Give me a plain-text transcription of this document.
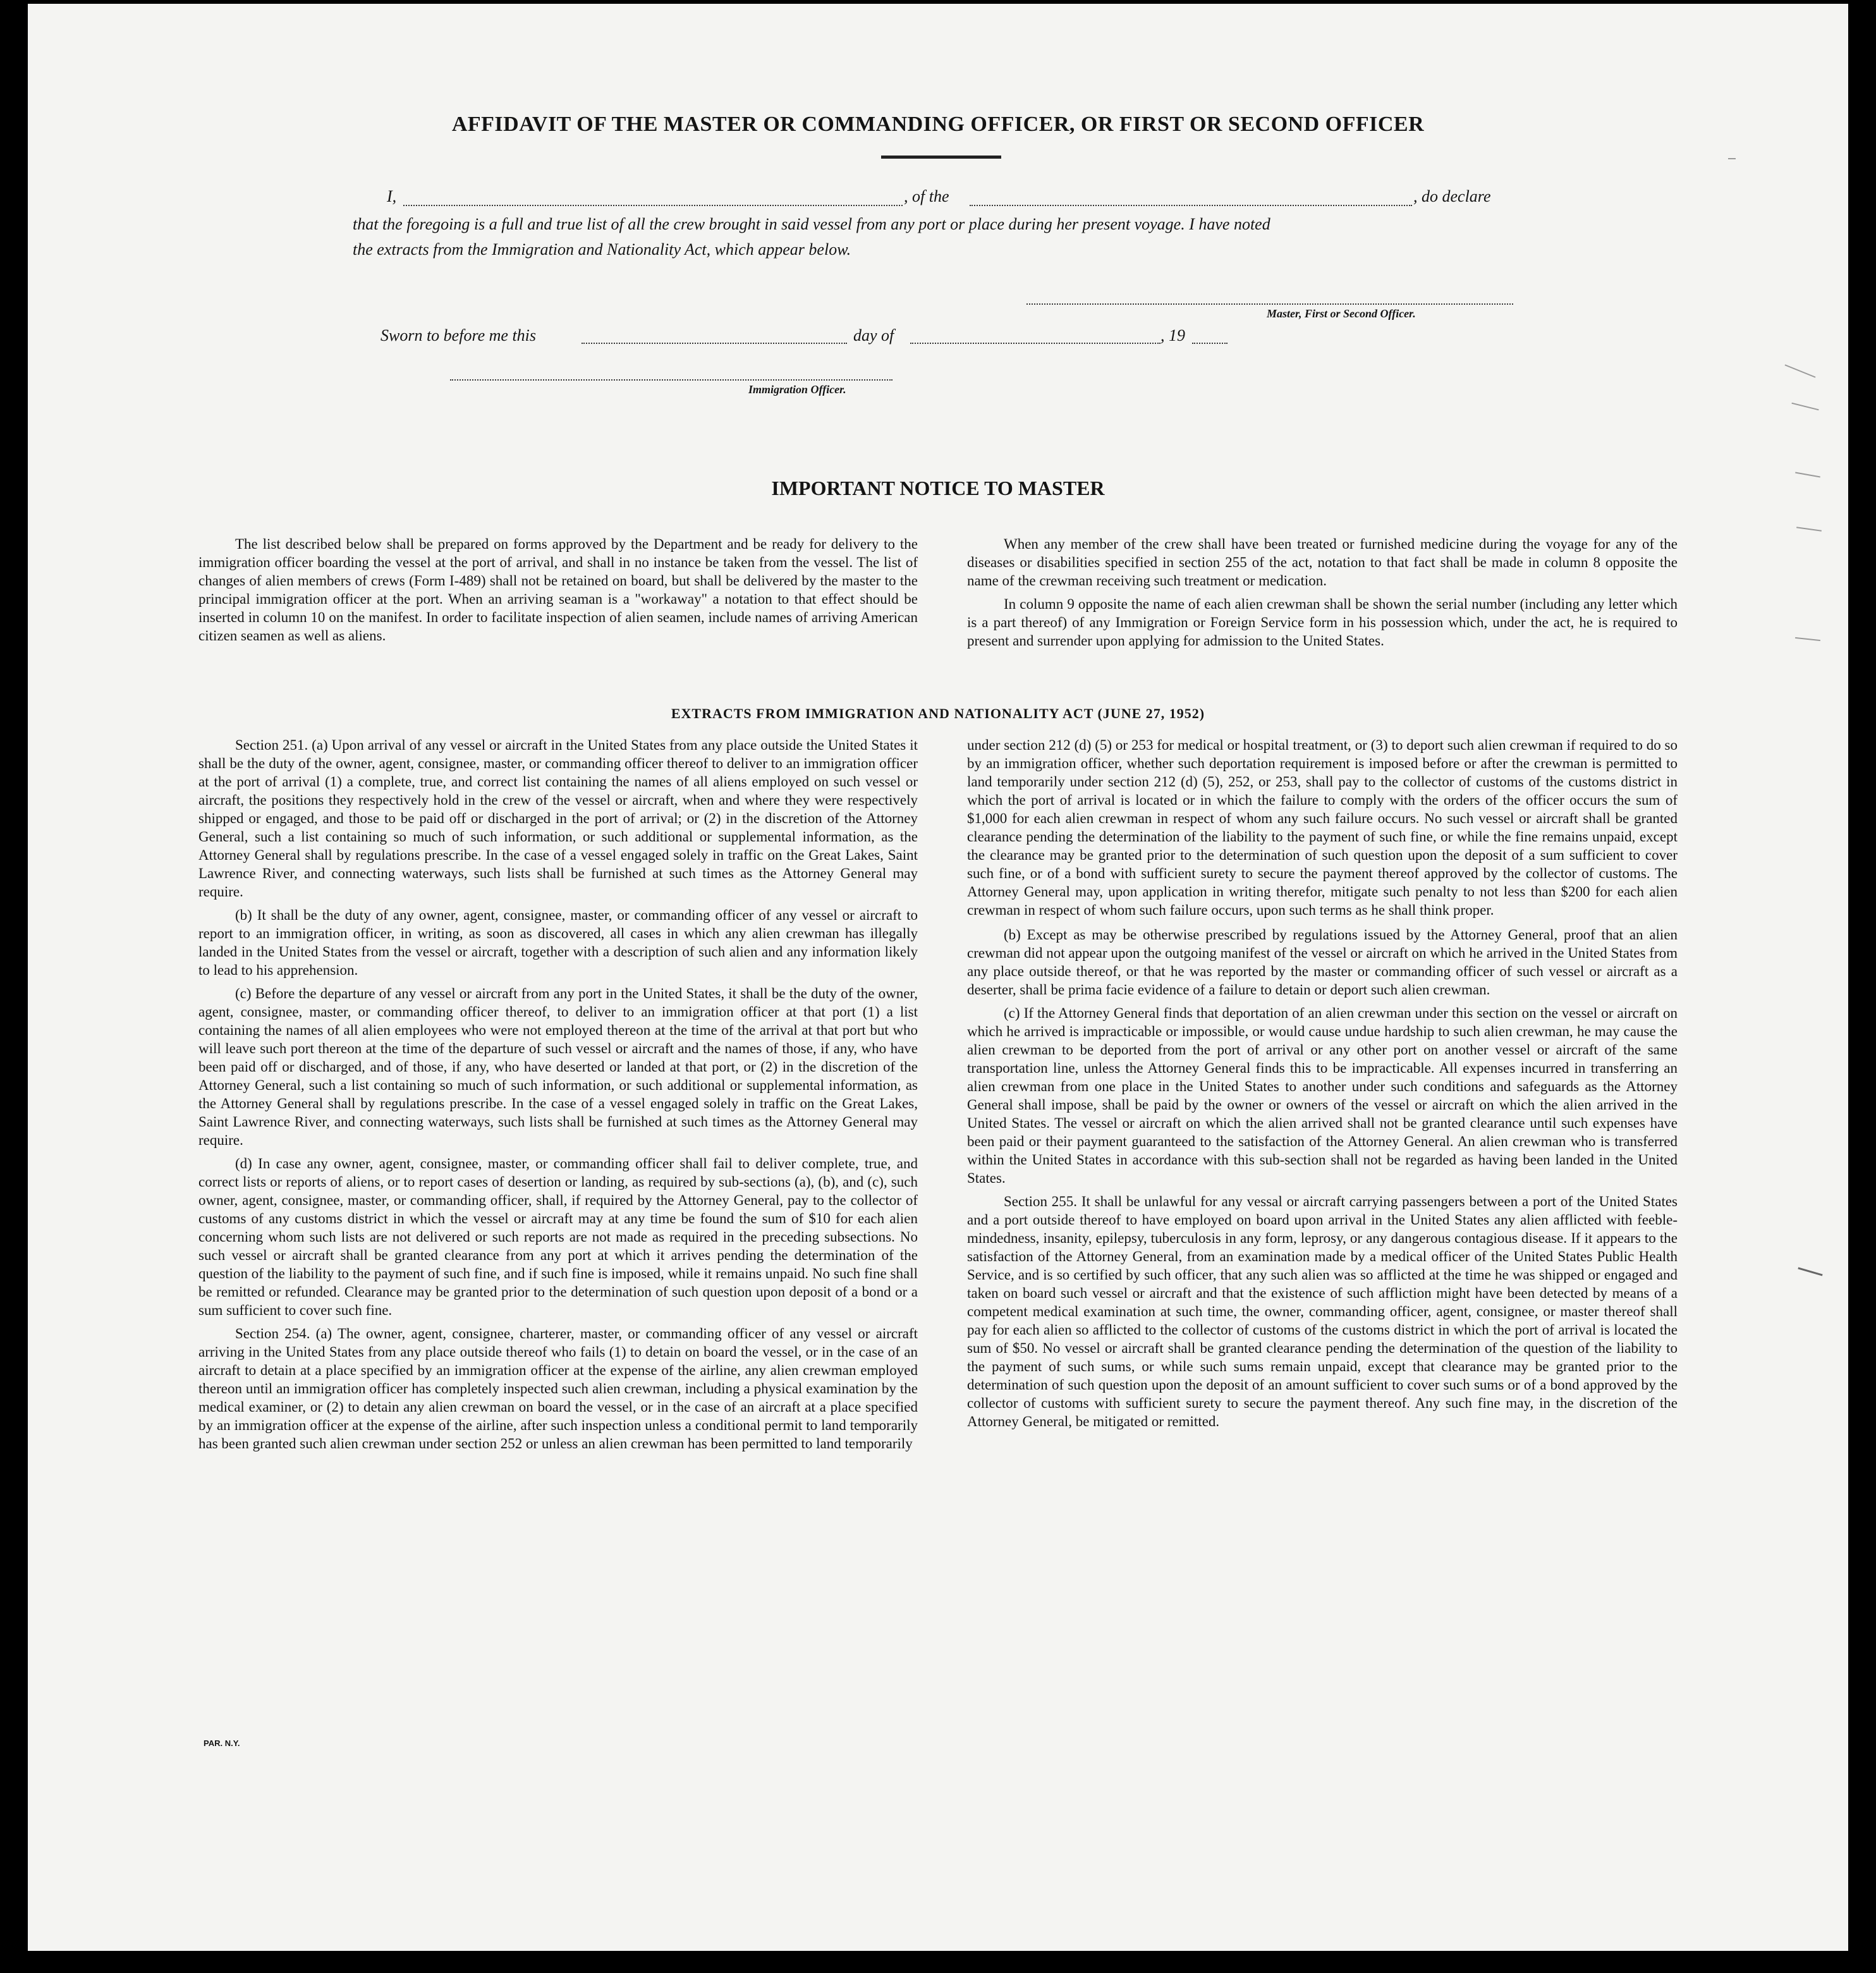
AFFIDAVIT OF THE MASTER OR COMMANDING OFFICER, OR FIRST OR SECOND OFFICER
I,	, of the	, do declare
that the foregoing is a full and true list of all the crew brought in said vessel from any port or place during her present voyage. I have noted
the extracts from the Immigration and Nationality Act, which appear below.
Master, First or Second Officer.
Sworn to before me this	day of	, 19
Immigration Officer.
IMPORTANT NOTICE TO MASTER

The list described below shall be prepared on forms approved by the Department and be ready for delivery to the immigration officer boarding the vessel at the port of arrival, and shall in no instance be taken from the vessel. The list of changes of alien members of crews (Form I-489) shall not be retained on board, but shall be delivered by the master to the principal immigration officer at the port. When an arriving seaman is a "workaway" a notation to that effect should be inserted in column 10 on the manifest. In order to facilitate inspection of alien seamen, include names of arriving American citizen seamen as well as aliens.

When any member of the crew shall have been treated or furnished medicine during the voyage for any of the diseases or disabilities specified in section 255 of the act, notation to that fact shall be made in column 8 opposite the name of the crewman receiving such treatment or medication.

In column 9 opposite the name of each alien crewman shall be shown the serial number (including any letter which is a part thereof) of any Immigration or Foreign Service form in his possession which, under the act, he is required to present and surrender upon applying for admission to the United States.

EXTRACTS FROM IMMIGRATION AND NATIONALITY ACT (JUNE 27, 1952)

Section 251. (a) Upon arrival of any vessel or aircraft in the United States from any place outside the United States it shall be the duty of the owner, agent, consignee, master, or commanding officer thereof to deliver to an immigration officer at the port of arrival (1) a complete, true, and correct list containing the names of all aliens employed on such vessel or aircraft, the positions they respectively hold in the crew of the vessel or aircraft, when and where they were respectively shipped or engaged, and those to be paid off or discharged in the port of arrival; or (2) in the discretion of the Attorney General, such a list containing so much of such information, or such additional or supplemental information, as the Attorney General shall by regulations prescribe. In the case of a vessel engaged solely in traffic on the Great Lakes, Saint Lawrence River, and connecting waterways, such lists shall be furnished at such times as the Attorney General may require.

(b) It shall be the duty of any owner, agent, consignee, master, or commanding officer of any vessel or aircraft to report to an immigration officer, in writing, as soon as discovered, all cases in which any alien crewman has illegally landed in the United States from the vessel or aircraft, together with a description of such alien and any information likely to lead to his apprehension.

(c) Before the departure of any vessel or aircraft from any port in the United States, it shall be the duty of the owner, agent, consignee, master, or commanding officer thereof, to deliver to an immigration officer at that port (1) a list containing the names of all alien employees who were not employed thereon at the time of the arrival at that port but who will leave such port thereon at the time of the departure of such vessel or aircraft and the names of those, if any, who have been paid off or discharged, and of those, if any, who have deserted or landed at that port, or (2) in the discretion of the Attorney General, such a list containing so much of such information, or such additional or supplemental information, as the Attorney General shall by regulations prescribe. In the case of a vessel engaged solely in traffic on the Great Lakes, Saint Lawrence River, and connecting waterways, such lists shall be furnished at such times as the Attorney General may require.

(d) In case any owner, agent, consignee, master, or commanding officer shall fail to deliver complete, true, and correct lists or reports of aliens, or to report cases of desertion or landing, as required by sub-sections (a), (b), and (c), such owner, agent, consignee, master, or commanding officer, shall, if required by the Attorney General, pay to the collector of customs of any customs district in which the vessel or aircraft may at any time be found the sum of $10 for each alien concerning whom such lists are not delivered or such reports are not made as required in the preceding subsections. No such vessel or aircraft shall be granted clearance from any port at which it arrives pending the determination of the question of the liability to the payment of such fine, and if such fine is imposed, while it remains unpaid. No such fine shall be remitted or refunded. Clearance may be granted prior to the determination of such question upon deposit of a bond or a sum sufficient to cover such fine.

Section 254. (a) The owner, agent, consignee, charterer, master, or commanding officer of any vessel or aircraft arriving in the United States from any place outside thereof who fails (1) to detain on board the vessel, or in the case of an aircraft to detain at a place specified by an immigration officer at the expense of the airline, any alien crewman employed thereon until an immigration officer has completely inspected such alien crewman, including a physical examination by the medical examiner, or (2) to detain any alien crewman on board the vessel, or in the case of an aircraft at a place specified by an immigration officer at the expense of the airline, after such inspection unless a conditional permit to land temporarily has been granted such alien crewman under section 252 or unless an alien crewman has been permitted to land temporarily

under section 212 (d) (5) or 253 for medical or hospital treatment, or (3) to deport such alien crewman if required to do so by an immigration officer, whether such deportation requirement is imposed before or after the crewman is permitted to land temporarily under section 212 (d) (5), 252, or 253, shall pay to the collector of customs of the customs district in which the port of arrival is located or in which the failure to comply with the orders of the officer occurs the sum of $1,000 for each alien crewman in respect of whom any such failure occurs. No such vessel or aircraft shall be granted clearance pending the determination of the liability to the payment of such fine, or while the fine remains unpaid, except the clearance may be granted prior to the determination of such question upon the deposit of a sum sufficient to cover such fine, or of a bond with sufficient surety to secure the payment thereof approved by the collector of customs. The Attorney General may, upon application in writing therefor, mitigate such penalty to not less than $200 for each alien crewman in respect of whom such failure occurs, upon such terms as he shall think proper.

(b) Except as may be otherwise prescribed by regulations issued by the Attorney General, proof that an alien crewman did not appear upon the outgoing manifest of the vessel or aircraft on which he arrived in the United States from any place outside thereof, or that he was reported by the master or commanding officer of such vessel or aircraft as a deserter, shall be prima facie evidence of a failure to detain or deport such alien crewman.

(c) If the Attorney General finds that deportation of an alien crewman under this section on the vessel or aircraft on which he arrived is impracticable or impossible, or would cause undue hardship to such alien crewman, he may cause the alien crewman to be deported from the port of arrival or any other port on another vessel or aircraft of the same transportation line, unless the Attorney General finds this to be impracticable. All expenses incurred in transferring an alien crewman from one place in the United States to another under such conditions and safeguards as the Attorney General shall impose, shall be paid by the owner or owners of the vessel or aircraft on which the alien arrived in the United States. The vessel or aircraft on which the alien arrived shall not be granted clearance until such expenses have been paid or their payment guaranteed to the satisfaction of the Attorney General. An alien crewman who is transferred within the United States in accordance with this sub-section shall not be regarded as having been landed in the United States.

Section 255. It shall be unlawful for any vessal or aircraft carrying passengers between a port of the United States and a port outside thereof to have employed on board upon arrival in the United States any alien afflicted with feeble-mindedness, insanity, epilepsy, tuberculosis in any form, leprosy, or any dangerous contagious disease. If it appears to the satisfaction of the Attorney General, from an examination made by a medical officer of the United States Public Health Service, and is so certified by such officer, that any such alien was so afflicted at the time he was shipped or engaged and taken on board such vessel or aircraft and that the existence of such affliction might have been detected by means of a competent medical examination at such time, the owner, commanding officer, agent, consignee, or master thereof shall pay for each alien so afflicted to the collector of customs of the customs district in which the port of arrival is located the sum of $50. No vessel or aircraft shall be granted clearance pending the determination of the question of the liability to the payment of such sums, or while such sums remain unpaid, except that clearance may be granted prior to the determination of such question upon the deposit of an amount sufficient to cover such sums or of a bond approved by the collector of customs with sufficient surety to secure the payment thereof. Any such fine may, in the discretion of the Attorney General, be mitigated or remitted.

PAR. N.Y.
